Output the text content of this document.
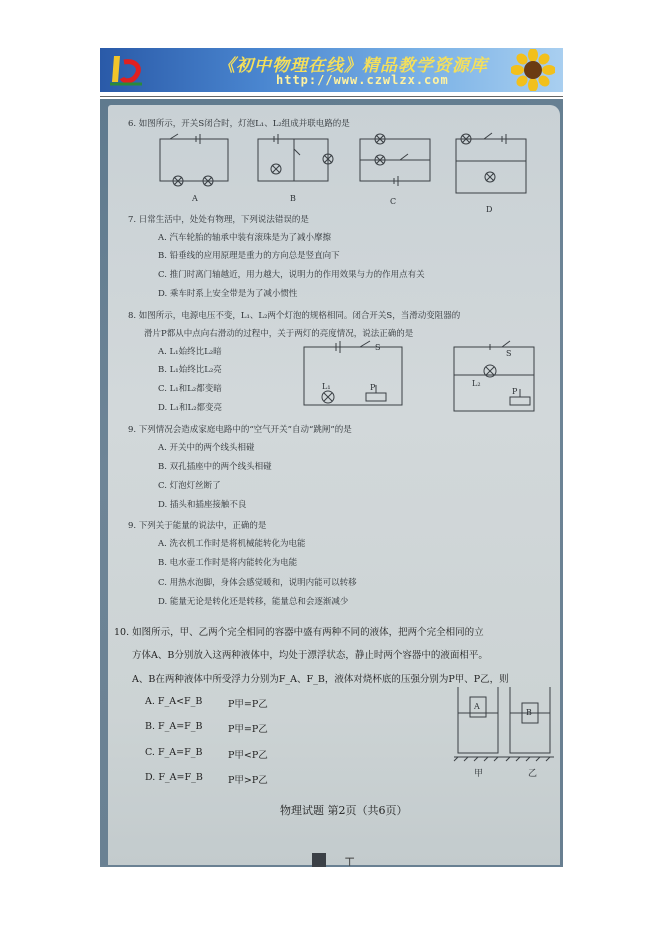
《初中物理在线》精品教学资源库
http://www.czwlzx.com
6. 如图所示，开关S闭合时，灯泡L₁、L₂组成并联电路的是
A	B	C
D
7. 日常生活中，处处有物理，下列说法错误的是
A. 汽车轮胎的轴承中装有滚珠是为了减小摩擦
B. 铅垂线的应用原理是重力的方向总是竖直向下
C. 推门时离门轴越近，用力越大，说明力的作用效果与力的作用点有关
D. 乘车时系上安全带是为了减小惯性
8. 如图所示，电源电压不变，L₁、L₂两个灯泡的规格相同。闭合开关S，当滑动变阻器的
滑片P都从中点向右滑动的过程中，关于两灯的亮度情况，说法正确的是
A. L₁始终比L₂暗
B. L₁始终比L₂亮
C. L₁和L₂都变暗
D. L₁和L₂都变亮
S
L₁	P
S
L₂
P
9. 下列情况会造成家庭电路中的“空气开关”自动“跳闸”的是
A. 开关中的两个线头相碰
B. 双孔插座中的两个线头相碰
C. 灯泡灯丝断了
D. 插头和插座接触不良
9. 下列关于能量的说法中，正确的是
A. 洗衣机工作时是将机械能转化为电能
B. 电水壶工作时是将内能转化为电能
C. 用热水泡脚，身体会感觉暖和，说明内能可以转移
D. 能量无论是转化还是转移，能量总和会逐渐减少
10. 如图所示，甲、乙两个完全相同的容器中盛有两种不同的液体，把两个完全相同的立
方体A、B分别放入这两种液体中，均处于漂浮状态，静止时两个容器中的液面相平。
A、B在两种液体中所受浮力分别为F_A、F_B，液体对烧杯底的压强分别为P甲、P乙，则
A. F_A<F_B	P甲=P乙
B. F_A=F_B	P甲=P乙
C. F_A=F_B	P甲<P乙
D. F_A=F_B	P甲>P乙
A
B
甲	乙
物理试题 第2页（共6页）
⊤
